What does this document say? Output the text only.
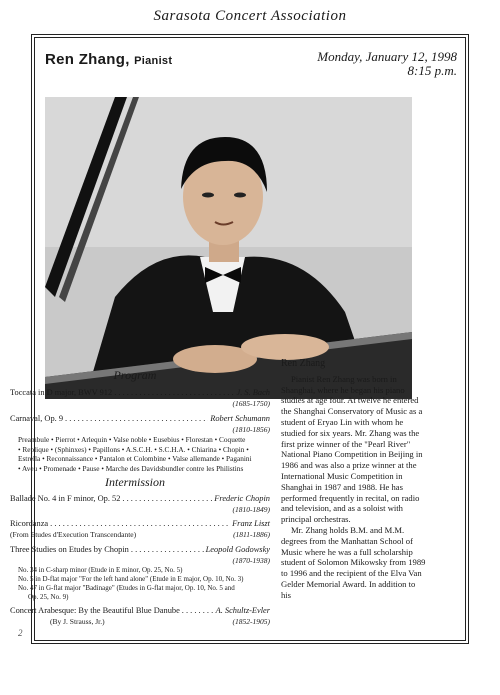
Sarasota Concert Association
Ren Zhang, Pianist	Monday, January 12, 1998
8:15 p.m.
Program
Toccata in D major, BWV 912 . . .	J. S. Bach
(1685-1750)
Carnaval, Op. 9 . . .	Robert Schumann
(1810-1856)
Preambule • Pierrot • Arlequin • Valse noble • Eusebius • Florestan • Coquette
• Replique • (Sphinxes) • Papillons • A.S.C.H. • S.C.H.A. • Chiarina • Chopin •
Estrella • Reconnaissance • Pantalon et Colombine • Valse allemande • Paganini
• Aveu • Promenade • Pause • Marche des Davidsbundler contre les Philistins
Intermission
Ballade No. 4 in F minor, Op. 52 . . .	Frederic Chopin
(1810-1849)
Ricordanza . . .	Franz Liszt
(From Etudes d'Execution Transcendante)	(1811-1886)
Three Studies on Etudes by Chopin . . .	Leopold Godowsky
(1870-1938)
No. 34 in C-sharp minor (Etude in E minor, Op. 25, No. 5)
No. 5 in D-flat major "For the left hand alone" (Etude in E major, Op. 10, No. 3)
No. 47 in G-flat major "Badinage" (Etudes in G-flat major, Op. 10, No. 5 and
Op. 25, No. 9)
Concert Arabesque: By the Beautiful Blue Danube . . .	A. Schultz-Evler
(By J. Strauss, Jr.)	(1852-1905)
Ren Zhang

Pianist Ren Zhang was born in Shanghai, where he began his piano studies at age four. At twelve he entered the Shanghai Conservatory of Music as a student of Eryao Lin with whom he studied for six years. Mr. Zhang was the first prize winner of the "Pearl River" National Piano Competition in Beijing in 1986 and was also a prize winner at the International Music Competition in Shanghai in 1987 and 1988. He has performed frequently in recital, on radio and television, and as a soloist with principal orchestras.

Mr. Zhang holds B.M. and M.M. degrees from the Manhattan School of Music where he was a full scholarship student of Solomon Mikowsky from 1989 to 1996 and the recipient of the Elva Van Gelder Memorial Award. In addition to his

2
